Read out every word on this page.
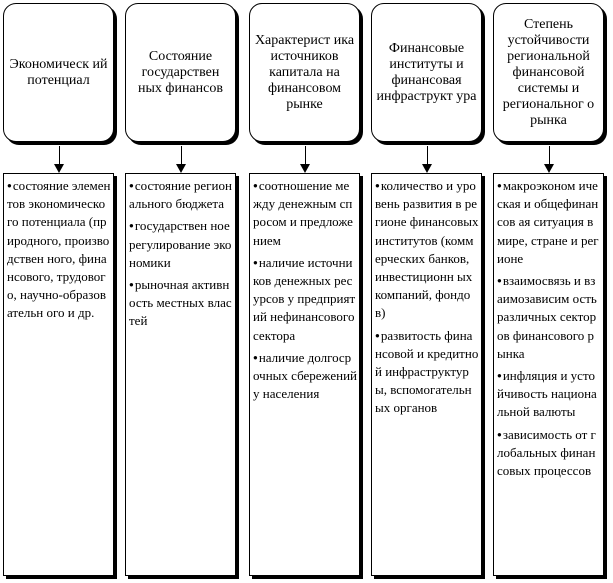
Экономическ ий потенциал
● состояние элементов экономическо го потенциала (природного, производствен ного, финансового, трудового, научно-образовательн ого и др.
Состояние государствен ных финансов
● состояние регионального бюджета
● государствен ное регулирование экономики
● рыночная активность местных властей
Характерист ика источников капитала на финансовом рынке
● соотношение между денежным спросом и предложением
● наличие источников денежных ресурсов у предприятий нефинансового сектора
● наличие долгосрочных сбережений у населения
Финансовые институты и финансовая инфраструкт ура
● количество и уровень развития в регионе финансовых институтов (коммерческих банков, инвестиционн ых компаний, фондов)
● развитость финансовой и кредитной инфраструктур ы, вспомогательн ых органов
Степень устойчивости региональной финансовой системы и региональног о рынка
● макроэконом ическая и общефинансов ая ситуация в мире, стране и регионе
● взаимосвязь и взаимозависим ость различных секторов финансового рынка
● инфляция и устойчивость национальной валюты
● зависимость от глобальных финансовых процессов
